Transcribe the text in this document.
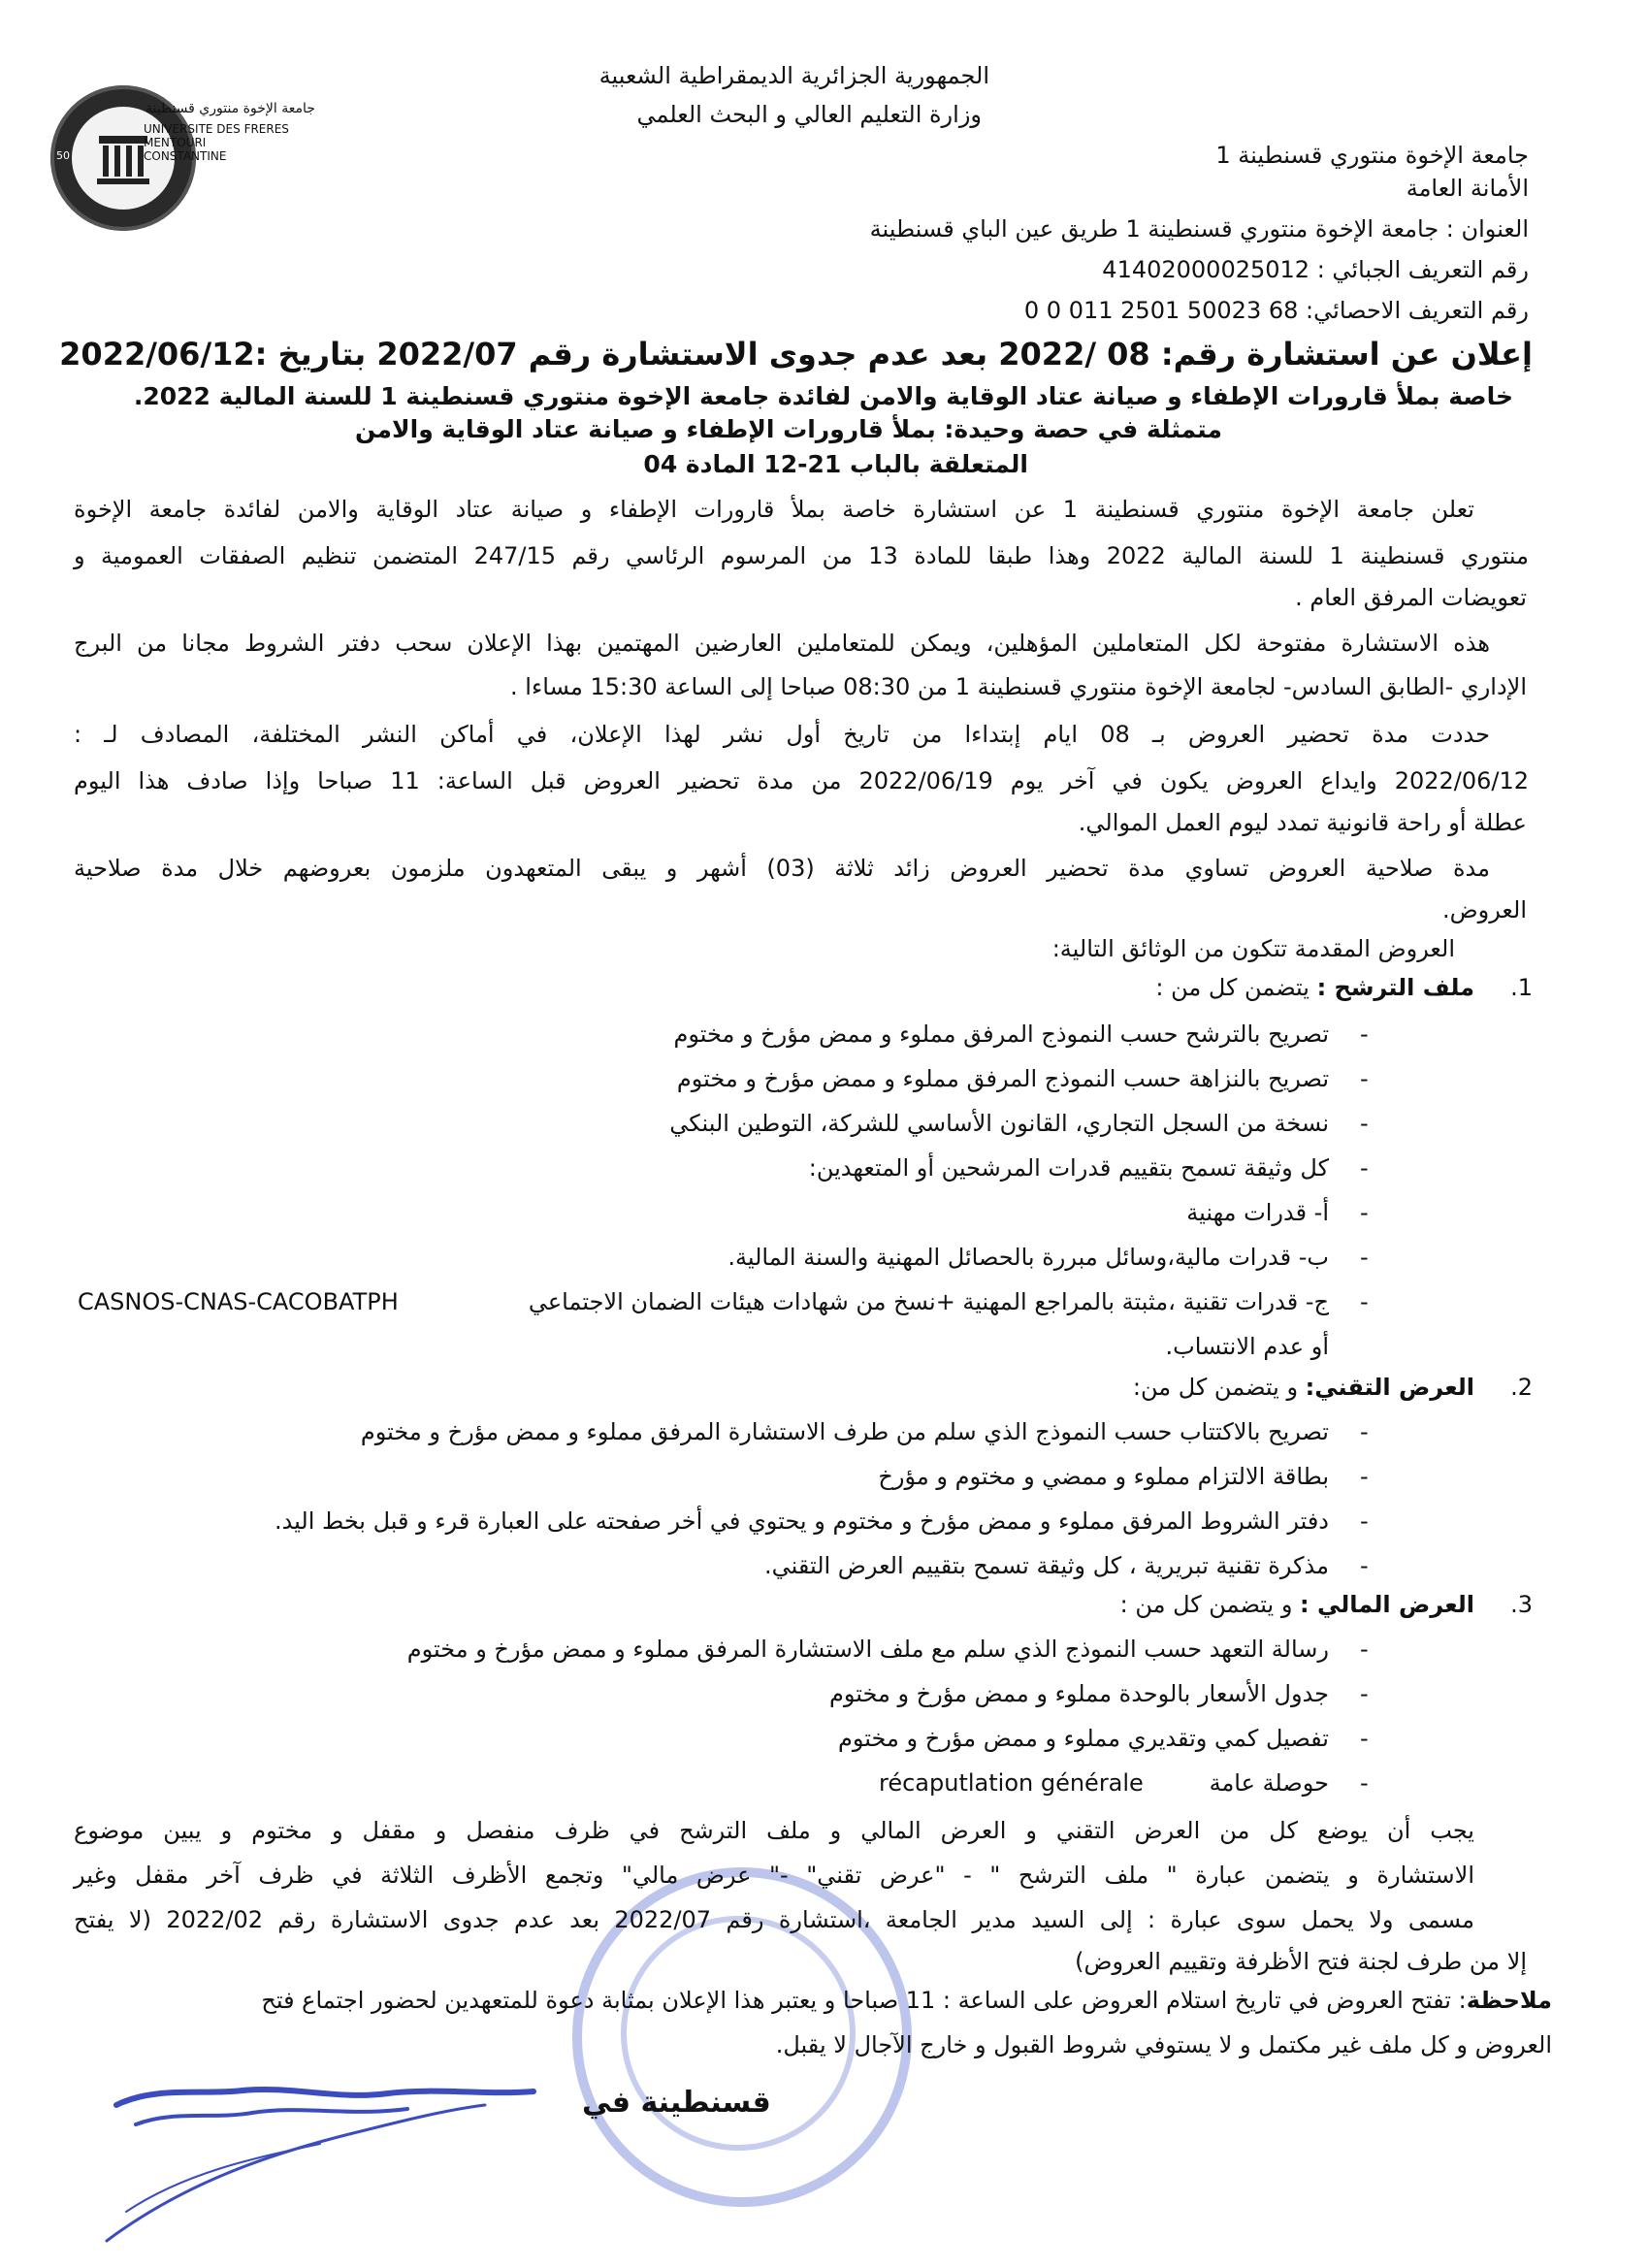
50
جامعة الإخوة منتوري قسنطينة
UNIVERSITE DES FRERES MENTOURI CONSTANTINE
الجمهورية الجزائرية الديمقراطية الشعبية
وزارة التعليم العالي و البحث العلمي
جامعة الإخوة منتوري قسنطينة 1
الأمانة العامة
العنوان : جامعة الإخوة منتوري قسنطينة 1 طريق عين الباي قسنطينة
رقم التعريف الجبائي : 41402000025012
رقم التعريف الاحصائي: 68 50023 2501 011 0 0
إعلان عن استشارة رقم: 08 /2022 بعد عدم جدوى الاستشارة رقم 2022/07 بتاريخ :2022/06/12
خاصة بملأ قارورات الإطفاء و صيانة عتاد الوقاية والامن لفائدة جامعة الإخوة منتوري قسنطينة 1 للسنة المالية 2022.
متمثلة في حصة وحيدة: بملأ قارورات الإطفاء و صيانة عتاد الوقاية والامن
المتعلقة بالباب 21-12 المادة 04
تعلن جامعة الإخوة منتوري قسنطينة 1 عن استشارة خاصة بملأ قارورات الإطفاء و صيانة عتاد الوقاية والامن لفائدة جامعة الإخوة
منتوري قسنطينة 1 للسنة المالية 2022 وهذا طبقا للمادة 13 من المرسوم الرئاسي رقم 247/15 المتضمن تنظيم الصفقات العمومية و
تعويضات المرفق العام .
هذه الاستشارة مفتوحة لكل المتعاملين المؤهلين، ويمكن للمتعاملين العارضين المهتمين بهذا الإعلان سحب دفتر الشروط مجانا من البرج
الإداري -الطابق السادس- لجامعة الإخوة منتوري قسنطينة 1 من 08:30 صباحا إلى الساعة 15:30 مساءا .
حددت مدة تحضير العروض بـ 08 ايام إبتداءا من تاريخ أول نشر لهذا الإعلان، في أماكن النشر المختلفة، المصادف لـ :
2022/06/12 وايداع العروض يكون في آخر يوم 2022/06/19 من مدة تحضير العروض قبل الساعة: 11 صباحا وإذا صادف هذا اليوم
عطلة أو راحة قانونية تمدد ليوم العمل الموالي.
مدة صلاحية العروض تساوي مدة تحضير العروض زائد ثلاثة (03) أشهر و يبقى المتعهدون ملزمون بعروضهم خلال مدة صلاحية
العروض.
العروض المقدمة تتكون من الوثائق التالية:
ملف الترشح : يتضمن كل من :	1.
-
تصريح بالترشح حسب النموذج المرفق مملوء و ممض مؤرخ و مختوم
-
تصريح بالنزاهة حسب النموذج المرفق مملوء و ممض مؤرخ و مختوم
-
نسخة من السجل التجاري، القانون الأساسي للشركة، التوطين البنكي
-
كل وثيقة تسمح بتقييم قدرات المرشحين أو المتعهدين:
-
أ- قدرات مهنية
-
ب- قدرات مالية،وسائل مبررة بالحصائل المهنية والسنة المالية.
-
ج- قدرات تقنية ،مثبتة بالمراجع المهنية +نسخ من شهادات هيئات الضمان الاجتماعي
CASNOS-CNAS-CACOBATPH
أو عدم الانتساب.
العرض التقني: و يتضمن كل من:	2.
-
تصريح بالاكتتاب حسب النموذج الذي سلم من طرف الاستشارة المرفق مملوء و ممض مؤرخ و مختوم
-
بطاقة الالتزام مملوء و ممضي و مختوم و مؤرخ
-
دفتر الشروط المرفق مملوء و ممض مؤرخ و مختوم و يحتوي في أخر صفحته على العبارة قرء و قبل بخط اليد.
-
مذكرة تقنية تبريرية ، كل وثيقة تسمح بتقييم العرض التقني.
العرض المالي : و يتضمن كل من :	3.
-
رسالة التعهد حسب النموذج الذي سلم مع ملف الاستشارة المرفق مملوء و ممض مؤرخ و مختوم
-
جدول الأسعار بالوحدة مملوء و ممض مؤرخ و مختوم
-
تفصيل كمي وتقديري مملوء و ممض مؤرخ و مختوم
-
حوصلة عامة
récaputlation générale
يجب أن يوضع كل من العرض التقني و العرض المالي و ملف الترشح في ظرف منفصل و مقفل و مختوم و يبين موضوع
الاستشارة و يتضمن عبارة " ملف الترشح " - "عرض تقني" -" عرض مالي" وتجمع الأظرف الثلاثة في ظرف آخر مقفل وغير
مسمى ولا يحمل سوى عبارة : إلى السيد مدير الجامعة ،استشارة رقم 2022/07 بعد عدم جدوى الاستشارة رقم 2022/02 (لا يفتح
إلا من طرف لجنة فتح الأظرفة وتقييم العروض)
ملاحظة: تفتح العروض في تاريخ استلام العروض على الساعة : 11 صباحا و يعتبر هذا الإعلان بمثابة دعوة للمتعهدين لحضور اجتماع فتح
العروض و كل ملف غير مكتمل و لا يستوفي شروط القبول و خارج الآجال لا يقبل.
قسنطينة في
